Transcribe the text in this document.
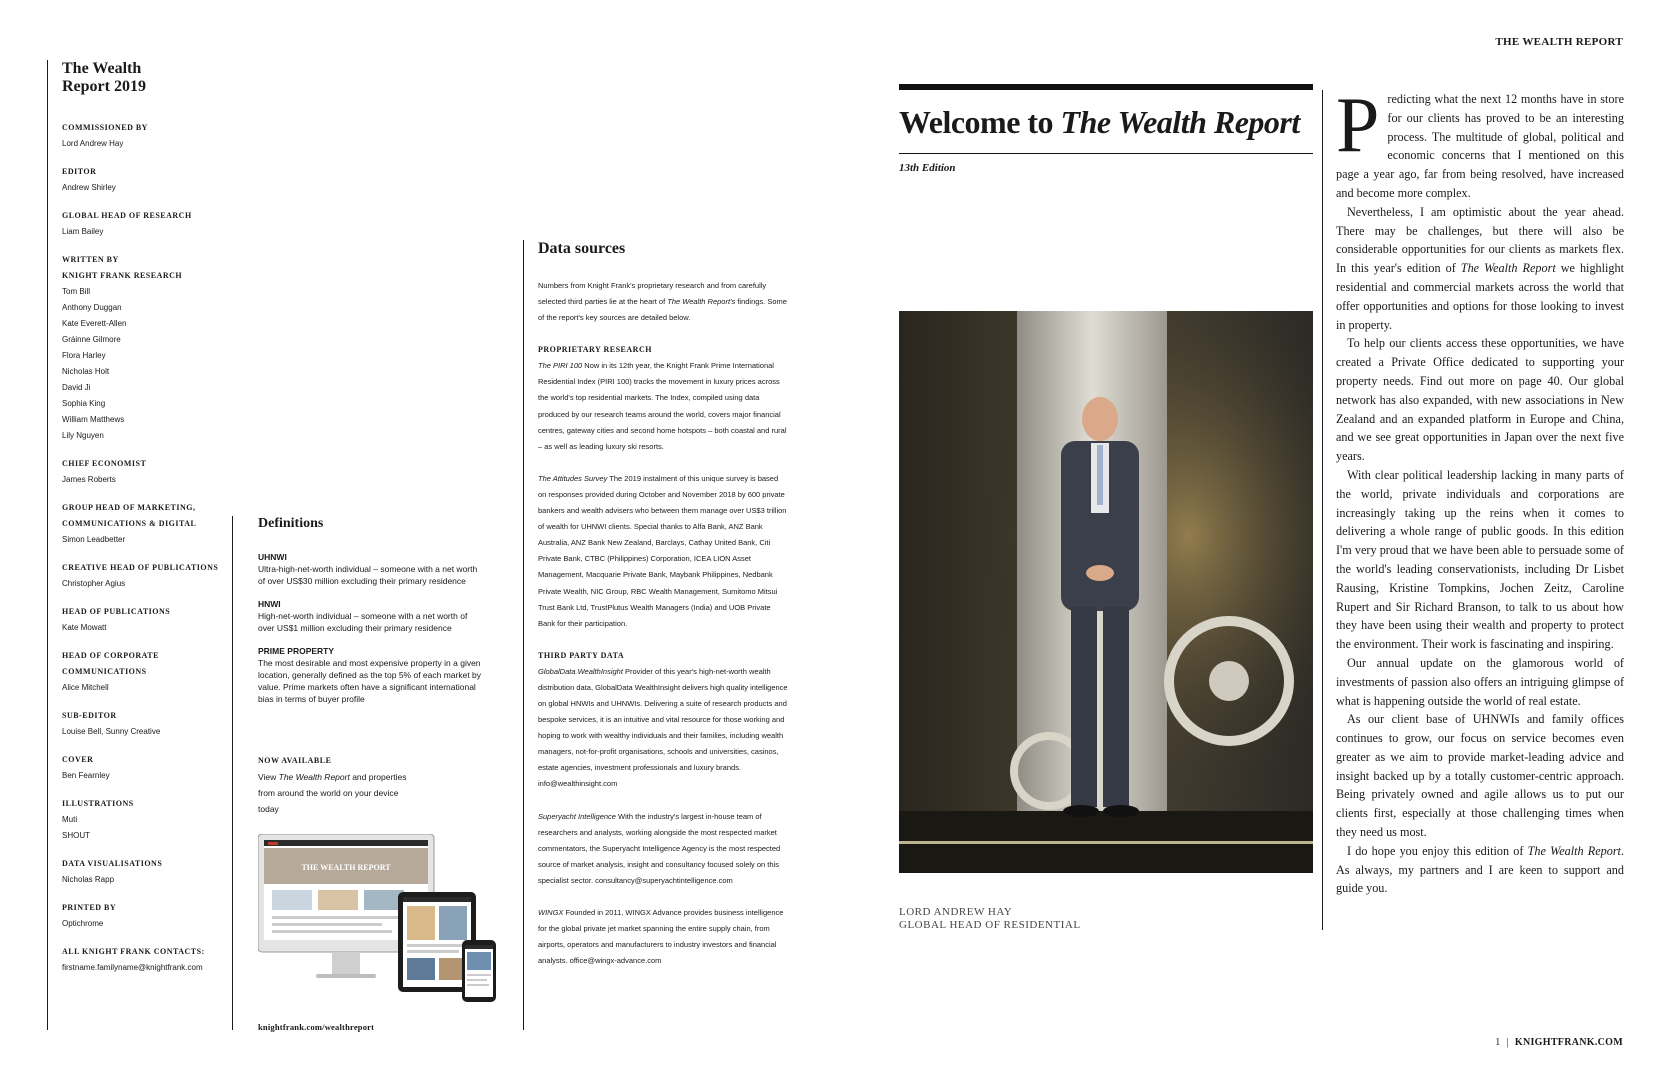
THE WEALTH REPORT
The Wealth Report 2019
COMMISSIONED BY
Lord Andrew Hay
EDITOR
Andrew Shirley
GLOBAL HEAD OF RESEARCH
Liam Bailey
WRITTEN BY
KNIGHT FRANK RESEARCH
Tom Bill
Anthony Duggan
Kate Everett-Allen
Gráinne Gilmore
Flora Harley
Nicholas Holt
David Ji
Sophia King
William Matthews
Lily Nguyen
CHIEF ECONOMIST
James Roberts
GROUP HEAD OF MARKETING,
COMMUNICATIONS & DIGITAL
Simon Leadbetter
CREATIVE HEAD OF PUBLICATIONS
Christopher Agius
HEAD OF PUBLICATIONS
Kate Mowatt
HEAD OF CORPORATE
COMMUNICATIONS
Alice Mitchell
SUB-EDITOR
Louise Bell, Sunny Creative
COVER
Ben Fearnley
ILLUSTRATIONS
Muti
SHOUT
DATA VISUALISATIONS
Nicholas Rapp
PRINTED BY
Optichrome
ALL KNIGHT FRANK CONTACTS:
firstname.familyname@knightfrank.com
Definitions
UHNWI
Ultra-high-net-worth individual – someone with a net worth of over US$30 million excluding their primary residence
HNWI
High-net-worth individual – someone with a net worth of over US$1 million excluding their primary residence
PRIME PROPERTY
The most desirable and most expensive property in a given location, generally defined as the top 5% of each market by value. Prime markets often have a significant international bias in terms of buyer profile
NOW AVAILABLE
View The Wealth Report and properties from around the world on your device today
THE WEALTH REPORT
knightfrank.com/wealthreport
Data sources
Numbers from Knight Frank's proprietary research and from carefully selected third parties lie at the heart of The Wealth Report's findings. Some of the report's key sources are detailed below.
PROPRIETARY RESEARCH
The PIRI 100 Now in its 12th year, the Knight Frank Prime International Residential Index (PIRI 100) tracks the movement in luxury prices across the world's top residential markets. The Index, compiled using data produced by our research teams around the world, covers major financial centres, gateway cities and second home hotspots – both coastal and rural – as well as leading luxury ski resorts.
The Attitudes Survey The 2019 instalment of this unique survey is based on responses provided during October and November 2018 by 600 private bankers and wealth advisers who between them manage over US$3 trillion of wealth for UHNWI clients. Special thanks to Alfa Bank, ANZ Bank Australia, ANZ Bank New Zealand, Barclays, Cathay United Bank, Citi Private Bank, CTBC (Philippines) Corporation, ICEA LION Asset Management, Macquarie Private Bank, Maybank Philippines, Nedbank Private Wealth, NIC Group, RBC Wealth Management, Sumitomo Mitsui Trust Bank Ltd, TrustPlutus Wealth Managers (India) and UOB Private Bank for their participation.
THIRD PARTY DATA
GlobalData WealthInsight Provider of this year's high-net-worth wealth distribution data, GlobalData WealthInsight delivers high quality intelligence on global HNWIs and UHNWIs. Delivering a suite of research products and bespoke services, it is an intuitive and vital resource for those working and hoping to work with wealthy individuals and their families, including wealth managers, not-for-profit organisations, schools and universities, casinos, estate agencies, investment professionals and luxury brands. info@wealthinsight.com
Superyacht Intelligence With the industry's largest in-house team of researchers and analysts, working alongside the most respected market commentators, the Superyacht Intelligence Agency is the most respected source of market analysis, insight and consultancy focused solely on this specialist sector. consultancy@superyachtintelligence.com
WINGX Founded in 2011, WINGX Advance provides business intelligence for the global private jet market spanning the entire supply chain, from airports, operators and manufacturers to industry investors and financial analysts. office@wingx-advance.com
Welcome to The Wealth Report
13th Edition
LORD ANDREW HAY
GLOBAL HEAD OF RESIDENTIAL

Predicting what the next 12 months have in store for our clients has proved to be an interesting process. The multitude of global, political and economic concerns that I mentioned on this page a year ago, far from being resolved, have increased and become more complex.

Nevertheless, I am optimistic about the year ahead. There may be challenges, but there will also be considerable opportunities for our clients as markets flex. In this year's edition of The Wealth Report we highlight residential and commercial markets across the world that offer opportunities and options for those looking to invest in property.

To help our clients access these opportunities, we have created a Private Office dedicated to supporting your property needs. Find out more on page 40. Our global network has also expanded, with new associations in New Zealand and an expanded platform in Europe and China, and we see great opportunities in Japan over the next five years.

With clear political leadership lacking in many parts of the world, private individuals and corporations are increasingly taking up the reins when it comes to delivering a whole range of public goods. In this edition I'm very proud that we have been able to persuade some of the world's leading conservationists, including Dr Lisbet Rausing, Kristine Tompkins, Jochen Zeitz, Caroline Rupert and Sir Richard Branson, to talk to us about how they have been using their wealth and property to protect the environment. Their work is fascinating and inspiring.

Our annual update on the glamorous world of investments of passion also offers an intriguing glimpse of what is happening outside the world of real estate.

As our client base of UHNWIs and family offices continues to grow, our focus on service becomes even greater as we aim to provide market-leading advice and insight backed up by a totally customer-centric approach. Being privately owned and agile allows us to put our clients first, especially at those challenging times when they need us most.

I do hope you enjoy this edition of The Wealth Report. As always, my partners and I are keen to support and guide you.

1 | KNIGHTFRANK.COM
